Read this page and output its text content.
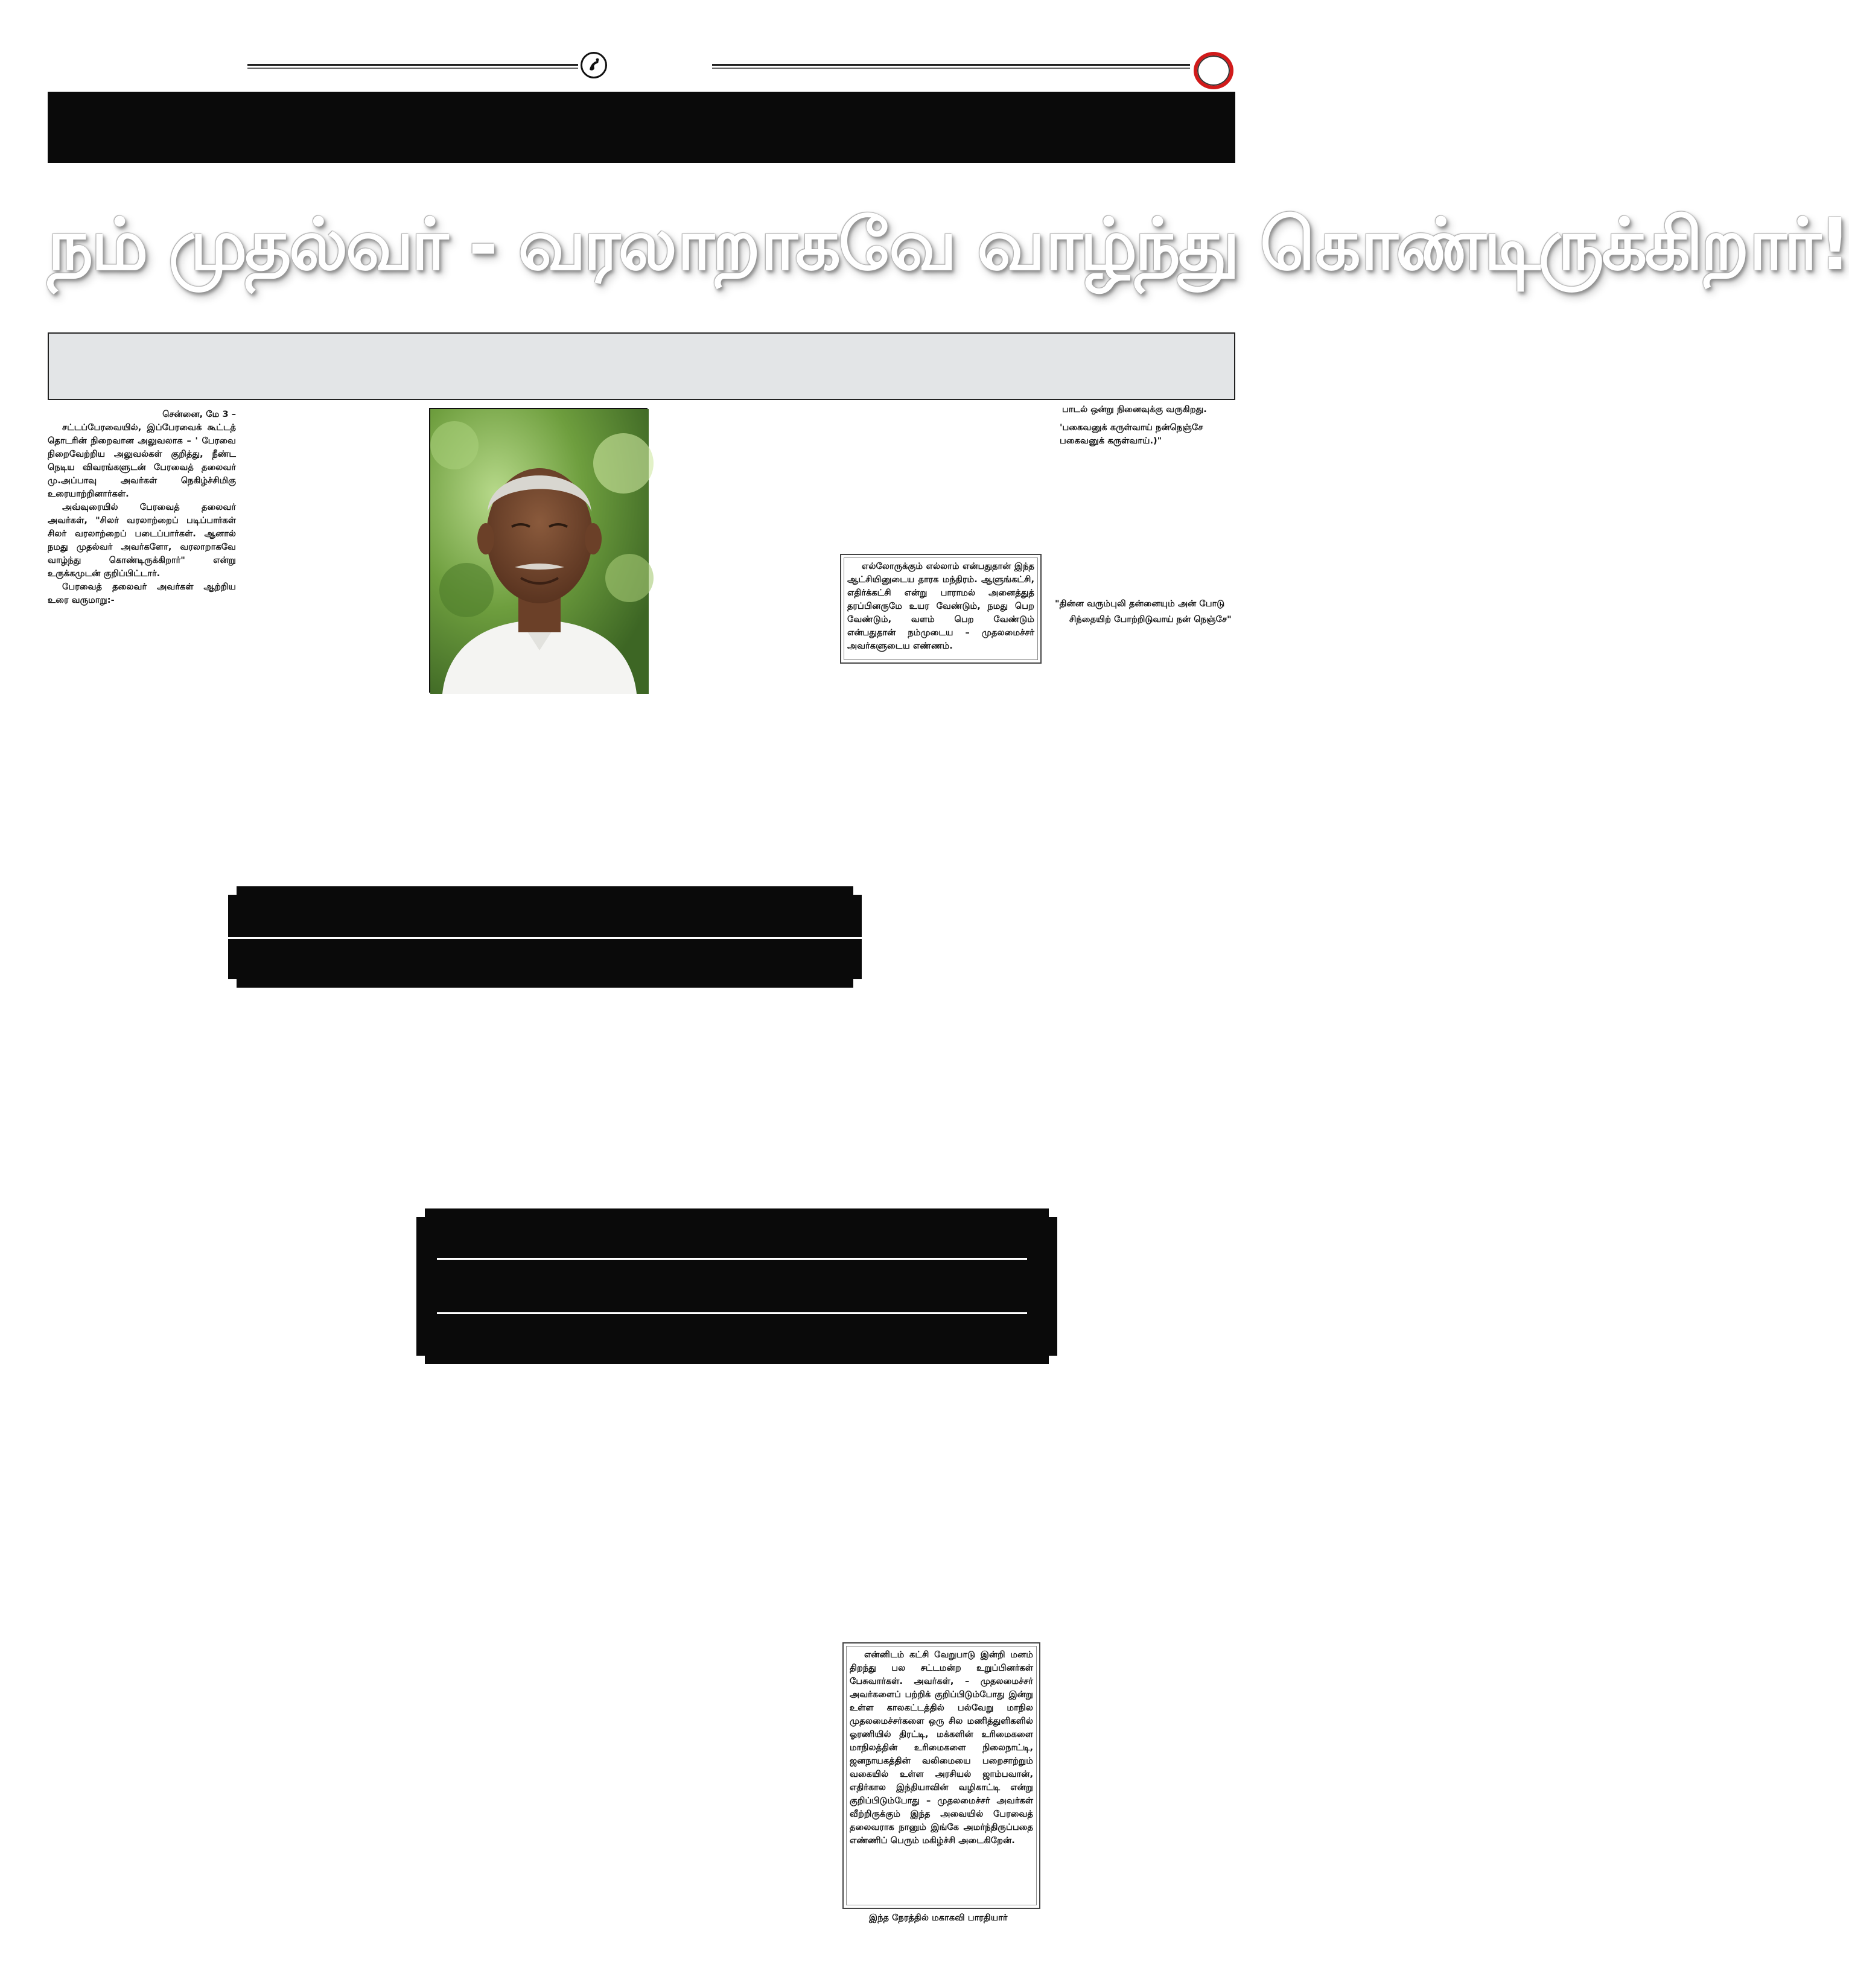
நம் முதல்வர் - வரலாறாகவே வாழ்ந்து கொண்டிருக்கிறார்!
சென்னை, மே 3 –

சட்டப்பேரவையில், இப்பேரவைக் கூட்டத் தொடரின் நிறைவான அலுவலாக – ' பேரவை நிறைவேற்றிய அலுவல்கள் குறித்து, நீண்ட நெடிய விவரங்களுடன் பேரவைத் தலைவர் மு.அப்பாவு அவர்கள் நெகிழ்ச்சிமிகு உரையாற்றினார்கள்.

அவ்வுரையில் பேரவைத் தலைவர் அவர்கள், "சிலர் வரலாற்றைப் படிப்பார்கள் சிலர் வரலாற்றைப் படைப்பார்கள். ஆனால் நமது முதல்வர் அவர்களோ, வரலாறாகவே வாழ்ந்து கொண்டிருக்கிறார்" என்று உருக்கமுடன் குறிப்பிட்டார்.

பேரவைத் தலைவர் அவர்கள் ஆற்றிய உரை வருமாறு:-

பாடல் ஒன்று நினைவுக்கு வருகிறது.

'பகைவனுக் கருள்வாய் நன்நெஞ்சே பகைவனுக் கருள்வாய்.)"

எல்லோருக்கும் எல்லாம் என்பதுதான் இந்த ஆட்சியினுடைய தாரக மந்திரம். ஆளுங்கட்சி, எதிர்க்கட்சி என்று பாராமல் அனைத்துத் தரப்பினருமே உயர வேண்டும், நமது பெற வேண்டும், வளம் பெற வேண்டும் என்பதுதான் நம்முடைய – முதலமைச்சர் அவர்களுடைய எண்ணம்.

"தின்ன வரும்புலி தன்னையும் அன் போடு
சிந்தையிற் போற்றிடுவாய் நன் நெஞ்சே"

என்னிடம் கட்சி வேறுபாடு இன்றி மனம் திறந்து பல சட்டமன்ற உறுப்பினர்கள் பேசுவார்கள். அவர்கள், – முதலமைச்சர் அவர்களைப் பற்றிக் குறிப்பிடும்போது இன்று உள்ள காலகட்டத்தில் பல்வேறு மாநில முதலமைச்சர்களை ஒரு சில மணித்துளிகளில் ஓரணியில் திரட்டி, மக்களின் உரிமைகளை மாநிலத்தின் உரிமைகளை நிலைநாட்டி, ஜனநாயகத்தின் வலிமையை பறைசாற்றும் வகையில் உள்ள அரசியல் ஜாம்பவான், எதிர்கால இந்தியாவின் வழிகாட்டி என்று குறிப்பிடும்போது – முதலமைச்சர் அவர்கள் வீற்றிருக்கும் இந்த அவையில் பேரவைத் தலைவராக நானும் இங்கே அமர்ந்திருப்பதை எண்ணிப் பெரும் மகிழ்ச்சி அடைகிறேன்.

இந்த நேரத்தில் மகாகவி பாரதியார்
